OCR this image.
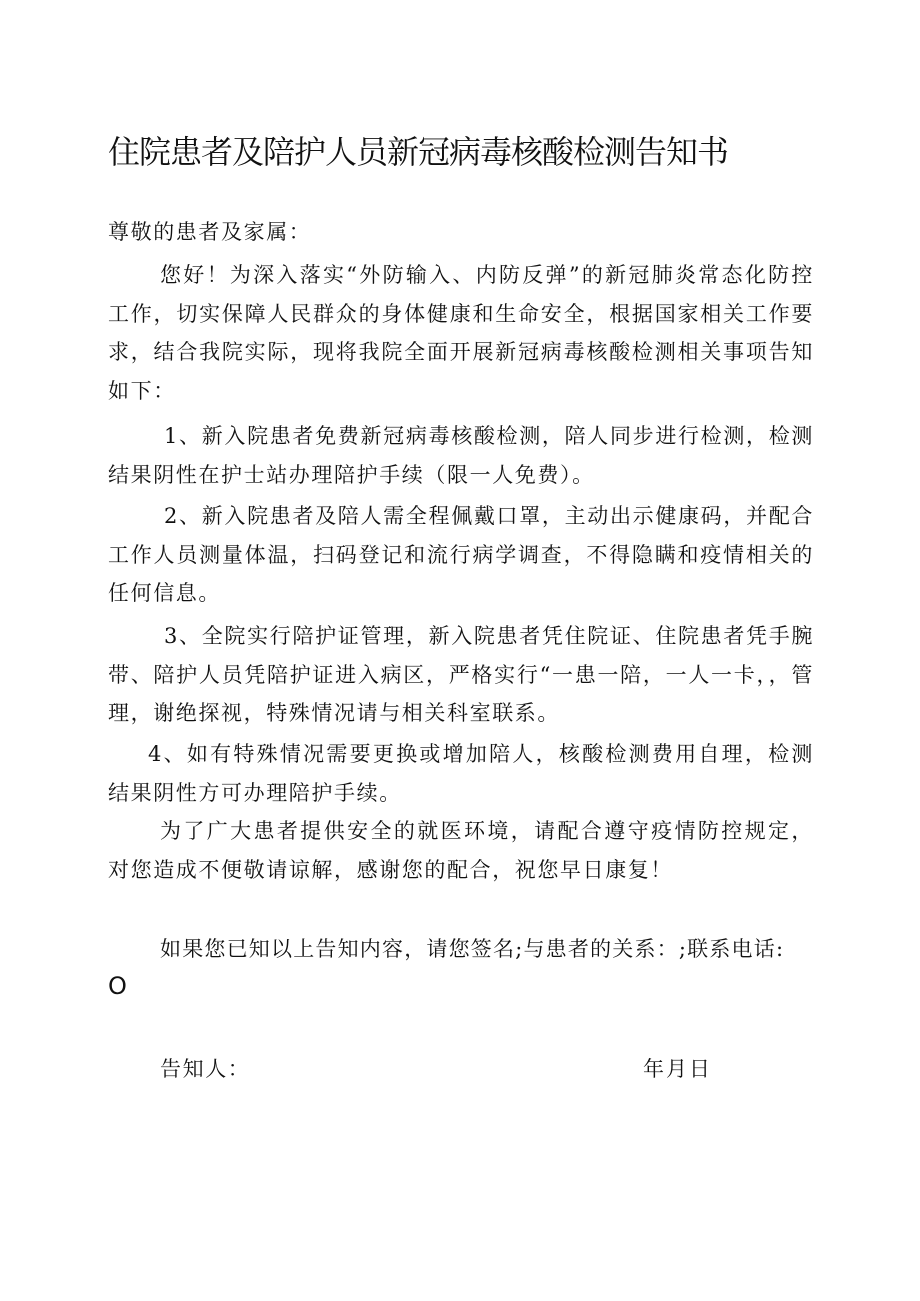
住院患者及陪护人员新冠病毒核酸检测告知书
尊敬的患者及家属：
您好！为深入落实“外防输入、内防反弹”的新冠肺炎常态化防控工作，切实保障人民群众的身体健康和生命安全，根据国家相关工作要求，结合我院实际，现将我院全面开展新冠病毒核酸检测相关事项告知如下：
1、新入院患者免费新冠病毒核酸检测，陪人同步进行检测，检测结果阴性在护士站办理陪护手续（限一人免费）。
2、新入院患者及陪人需全程佩戴口罩，主动出示健康码，并配合工作人员测量体温，扫码登记和流行病学调查，不得隐瞒和疫情相关的任何信息。
3、全院实行陪护证管理，新入院患者凭住院证、住院患者凭手腕带、陪护人员凭陪护证进入病区，严格实行“一患一陪，一人一卡，，管理，谢绝探视，特殊情况请与相关科室联系。
4、如有特殊情况需要更换或增加陪人，核酸检测费用自理，检测结果阴性方可办理陪护手续。
为了广大患者提供安全的就医环境，请配合遵守疫情防控规定，对您造成不便敬请谅解，感谢您的配合，祝您早日康复！
如果您已知以上告知内容，请您签名;与患者的关系：;联系电话:
O
告知人：	年月日
